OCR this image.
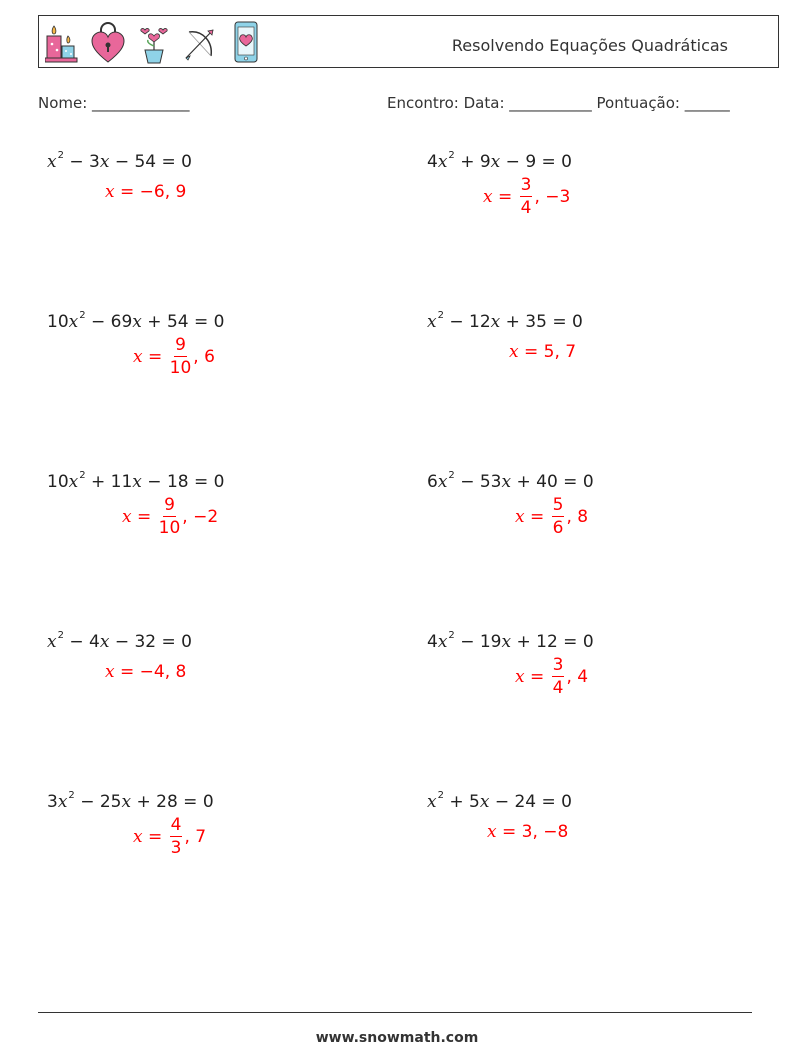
Resolvendo Equações Quadráticas
Nome: _____________	Encontro: Data: ___________ Pontuação: ______
$x^2 - 3x - 54 = 0$
x = −6, 9
$4x^2 + 9x - 9 = 0$
$x = \frac{3}{4}$ , −3
$10x^2 - 69x + 54 = 0$
$x = \frac{9}{10}$ , 6
$x^2 - 12x + 35 = 0$
x = 5, 7
$10x^2 + 11x - 18 = 0$
$x = \frac{9}{10}$ , −2
$6x^2 - 53x + 40 = 0$
$x = \frac{5}{6}$ , 8
$x^2 - 4x - 32 = 0$
x = −4, 8
$4x^2 - 19x + 12 = 0$
$x = \frac{3}{4}$ , 4
$3x^2 - 25x + 28 = 0$
$x = \frac{4}{3}$ , 7
$x^2 + 5x - 24 = 0$
x = 3, −8
www.snowmath.com
